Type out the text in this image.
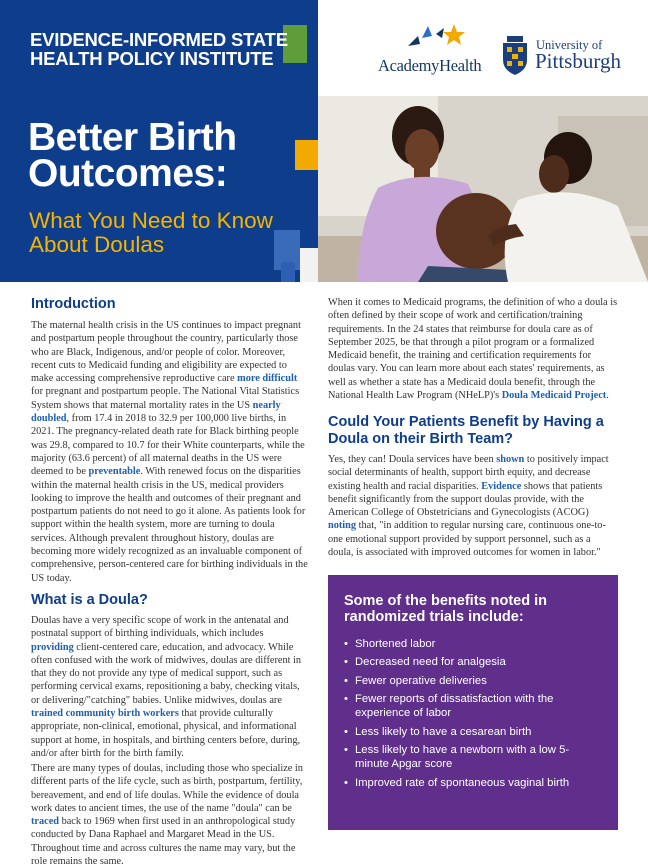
EVIDENCE-INFORMED STATE HEALTH POLICY INSTITUTE
Better Birth Outcomes:
What You Need to Know About Doulas
AcademyHealth
University of
Pittsburgh
Introduction

The maternal health crisis in the US continues to impact pregnant and postpartum people throughout the country, particularly those who are Black, Indigenous, and/or people of color. Moreover, recent cuts to Medicaid funding and eligibility are expected to make accessing comprehensive reproductive care more difficult for pregnant and postpartum people. The National Vital Statistics System shows that maternal mortality rates in the US nearly doubled, from 17.4 in 2018 to 32.9 per 100,000 live births, in 2021. The pregnancy-related death rate for Black birthing people was 29.8, compared to 10.7 for their White counterparts, while the majority (63.6 percent) of all maternal deaths in the US were deemed to be preventable. With renewed focus on the disparities within the maternal health crisis in the US, medical providers looking to improve the health and outcomes of their pregnant and postpartum patients do not need to go it alone. As patients look for support within the health system, more are turning to doula services. Although prevalent throughout history, doulas are becoming more widely recognized as an invaluable component of comprehensive, person-centered care for birthing individuals in the US today.

What is a Doula?

Doulas have a very specific scope of work in the antenatal and postnatal support of birthing individuals, which includes providing client-centered care, education, and advocacy. While often confused with the work of midwives, doulas are different in that they do not provide any type of medical support, such as performing cervical exams, repositioning a baby, checking vitals, or delivering/"catching" babies. Unlike midwives, doulas are trained community birth workers that provide culturally appropriate, non-clinical, emotional, physical, and informational support at home, in hospitals, and birthing centers before, during, and/or after birth for the birth family.

There are many types of doulas, including those who specialize in different parts of the life cycle, such as birth, postpartum, fertility, bereavement, and end of life doulas. While the evidence of doula work dates to ancient times, the use of the name "doula" can be traced back to 1969 when first used in an anthropological study conducted by Dana Raphael and Margaret Mead in the US. Throughout time and across cultures the name may vary, but the role remains the same.

When it comes to Medicaid programs, the definition of who a doula is often defined by their scope of work and certification/training requirements. In the 24 states that reimburse for doula care as of September 2025, be that through a pilot program or a formalized Medicaid benefit, the training and certification requirements for doulas vary. You can learn more about each states' requirements, as well as whether a state has a Medicaid doula benefit, through the National Health Law Program (NHeLP)'s Doula Medicaid Project.

Could Your Patients Benefit by Having a Doula on their Birth Team?

Yes, they can! Doula services have been shown to positively impact social determinants of health, support birth equity, and decrease existing health and racial disparities. Evidence shows that patients benefit significantly from the support doulas provide, with the American College of Obstetricians and Gynecologists (ACOG) noting that, "in addition to regular nursing care, continuous one-to-one emotional support provided by support personnel, such as a doula, is associated with improved outcomes for women in labor."

Some of the benefits noted in randomized trials include:
• Shortened labor
• Decreased need for analgesia
• Fewer operative deliveries
• Fewer reports of dissatisfaction with the experience of labor
• Less likely to have a cesarean birth
• Less likely to have a newborn with a low 5-minute Apgar score
• Improved rate of spontaneous vaginal birth
